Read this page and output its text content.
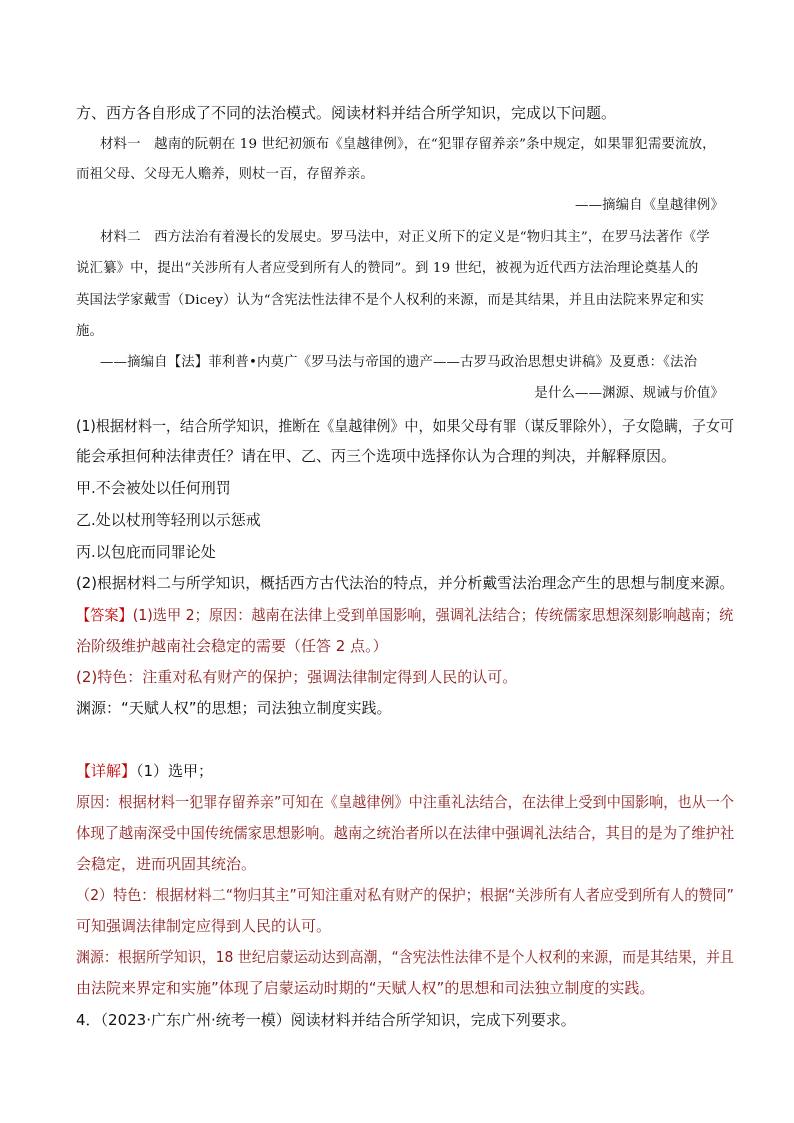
方、西方各自形成了不同的法治模式。阅读材料并结合所学知识，完成以下问题。
材料一　越南的阮朝在 19 世纪初颁布《皇越律例》，在“犯罪存留养亲”条中规定，如果罪犯需要流放，
而祖父母、父母无人赡养，则杖一百，存留养亲。
——摘编自《皇越律例》
材料二　西方法治有着漫长的发展史。罗马法中，对正义所下的定义是“物归其主”，在罗马法著作《学
说汇纂》中，提出“关涉所有人者应受到所有人的赞同”。到 19 世纪，被视为近代西方法治理论奠基人的
英国法学家戴雪（Dicey）认为“含宪法性法律不是个人权利的来源，而是其结果，并且由法院来界定和实
施。
——摘编自【法】菲利普•内莫广《罗马法与帝国的遗产——古罗马政治思想史讲稿》及夏恿：《法治
是什么——渊源、规诫与价值》
(1)根据材料一，结合所学知识，推断在《皇越律例》中，如果父母有罪（谋反罪除外），子女隐瞒，子女可
能会承担何种法律责任？请在甲、乙、丙三个选项中选择你认为合理的判决，并解释原因。
甲.不会被处以任何刑罚
乙.处以杖刑等轻刑以示惩戒
丙.以包庇而同罪论处
(2)根据材料二与所学知识，概括西方古代法治的特点，并分析戴雪法治理念产生的思想与制度来源。
【答案】(1)选甲 2；原因：越南在法律上受到单国影响，强调礼法结合；传统儒家思想深刻影响越南；统
治阶级维护越南社会稳定的需要（任答 2 点。）
(2)特色：注重对私有财产的保护；强调法律制定得到人民的认可。
渊源：“天赋人权”的思想；司法独立制度实践。
【详解】（1）选甲；
原因：根据材料一犯罪存留养亲”可知在《皇越律例》中注重礼法结合，在法律上受到中国影响，也从一个
体现了越南深受中国传统儒家思想影响。越南之统治者所以在法律中强调礼法结合，其目的是为了维护社
会稳定，进而巩固其统治。
（2）特色：根据材料二“物归其主”可知注重对私有财产的保护；根据“关涉所有人者应受到所有人的赞同”
可知强调法律制定应得到人民的认可。
渊源：根据所学知识，18 世纪启蒙运动达到高潮，“含宪法性法律不是个人权利的来源，而是其结果，并且
由法院来界定和实施”体现了启蒙运动时期的“天赋人权”的思想和司法独立制度的实践。
4．（2023·广东广州·统考一模）阅读材料并结合所学知识，完成下列要求。
